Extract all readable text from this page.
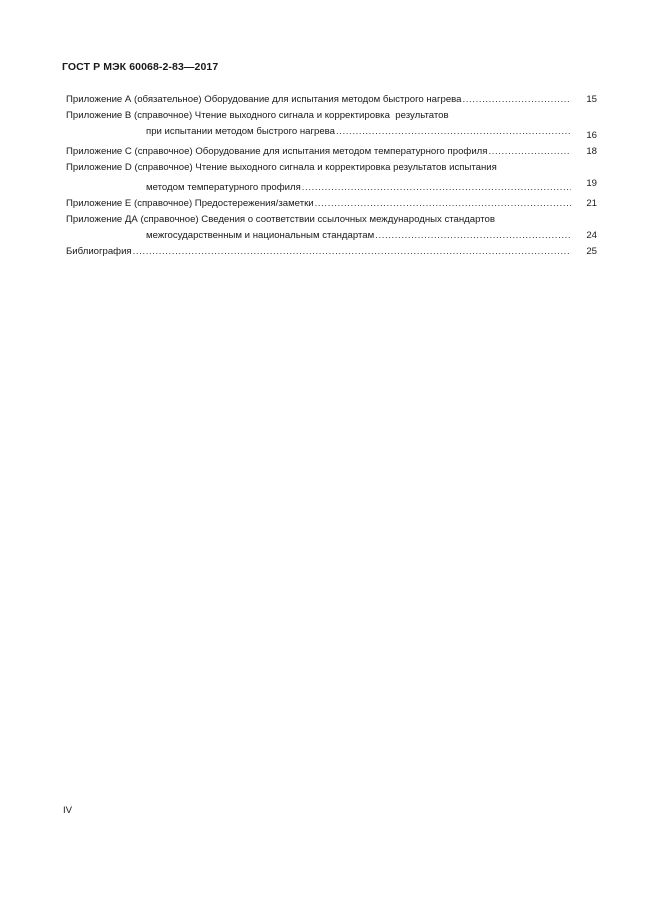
ГОСТ Р МЭК 60068-2-83—2017
Приложение А (обязательное) Оборудование для испытания методом быстрого нагрева .....	15
Приложение В (справочное) Чтение выходного сигнала и корректировка  результатов
при испытании методом быстрого нагрева .....	16
Приложение С (справочное) Оборудование для испытания методом температурного профиля .....	18
Приложение D (справочное) Чтение выходного сигнала и корректировка результатов испытания
методом температурного профиля .....	19
Приложение Е (справочное) Предостережения/заметки .....	21
Приложение ДА (справочное) Сведения о соответствии ссылочных международных стандартов
межгосударственным и национальным стандартам .....	24
Библиография .....	25
IV
